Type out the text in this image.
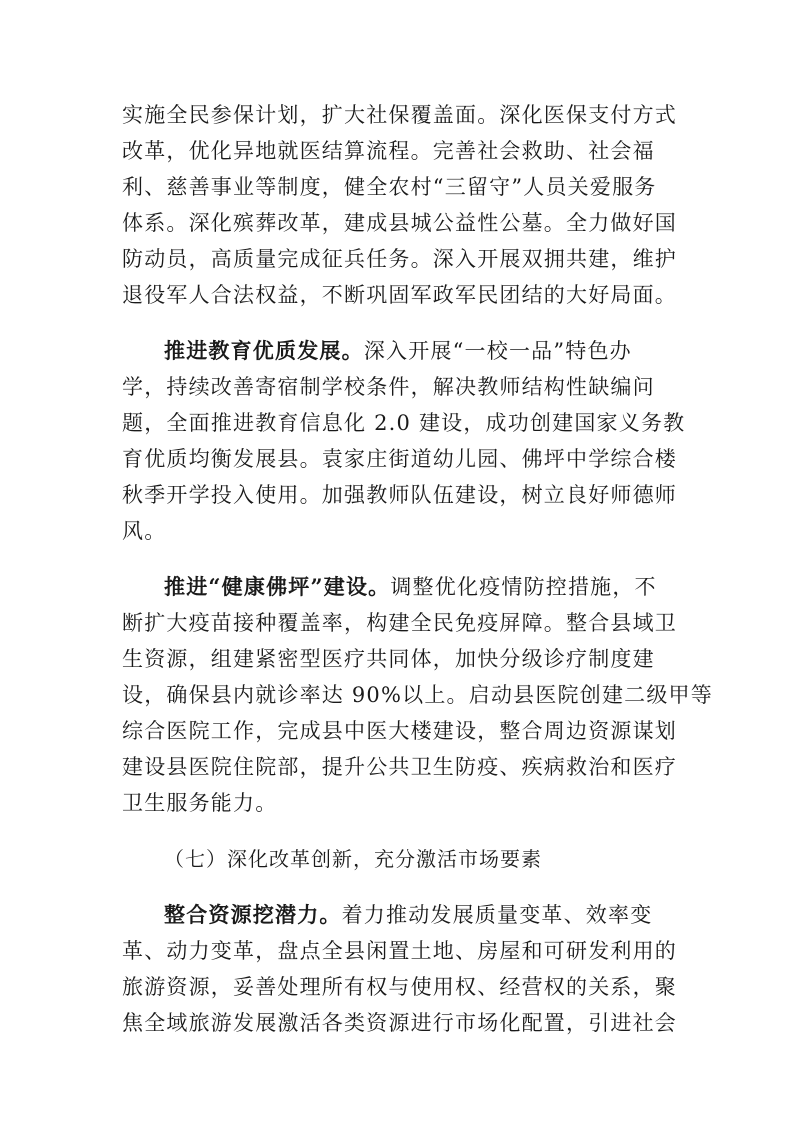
实施全民参保计划，扩大社保覆盖面。深化医保支付方式
改革，优化异地就医结算流程。完善社会救助、社会福
利、慈善事业等制度，健全农村“三留守”人员关爱服务
体系。深化殡葬改革，建成县城公益性公墓。全力做好国
防动员，高质量完成征兵任务。深入开展双拥共建，维护
退役军人合法权益，不断巩固军政军民团结的大好局面。
推进教育优质发展。深入开展“一校一品”特色办
学，持续改善寄宿制学校条件，解决教师结构性缺编问
题，全面推进教育信息化 2.0 建设，成功创建国家义务教
育优质均衡发展县。袁家庄街道幼儿园、佛坪中学综合楼
秋季开学投入使用。加强教师队伍建设，树立良好师德师
风。
推进“健康佛坪”建设。调整优化疫情防控措施，不
断扩大疫苗接种覆盖率，构建全民免疫屏障。整合县域卫
生资源，组建紧密型医疗共同体，加快分级诊疗制度建
设，确保县内就诊率达 90%以上。启动县医院创建二级甲等
综合医院工作，完成县中医大楼建设，整合周边资源谋划
建设县医院住院部，提升公共卫生防疫、疾病救治和医疗
卫生服务能力。
（七）深化改革创新，充分激活市场要素
整合资源挖潜力。着力推动发展质量变革、效率变
革、动力变革，盘点全县闲置土地、房屋和可研发利用的
旅游资源，妥善处理所有权与使用权、经营权的关系，聚
焦全域旅游发展激活各类资源进行市场化配置，引进社会
